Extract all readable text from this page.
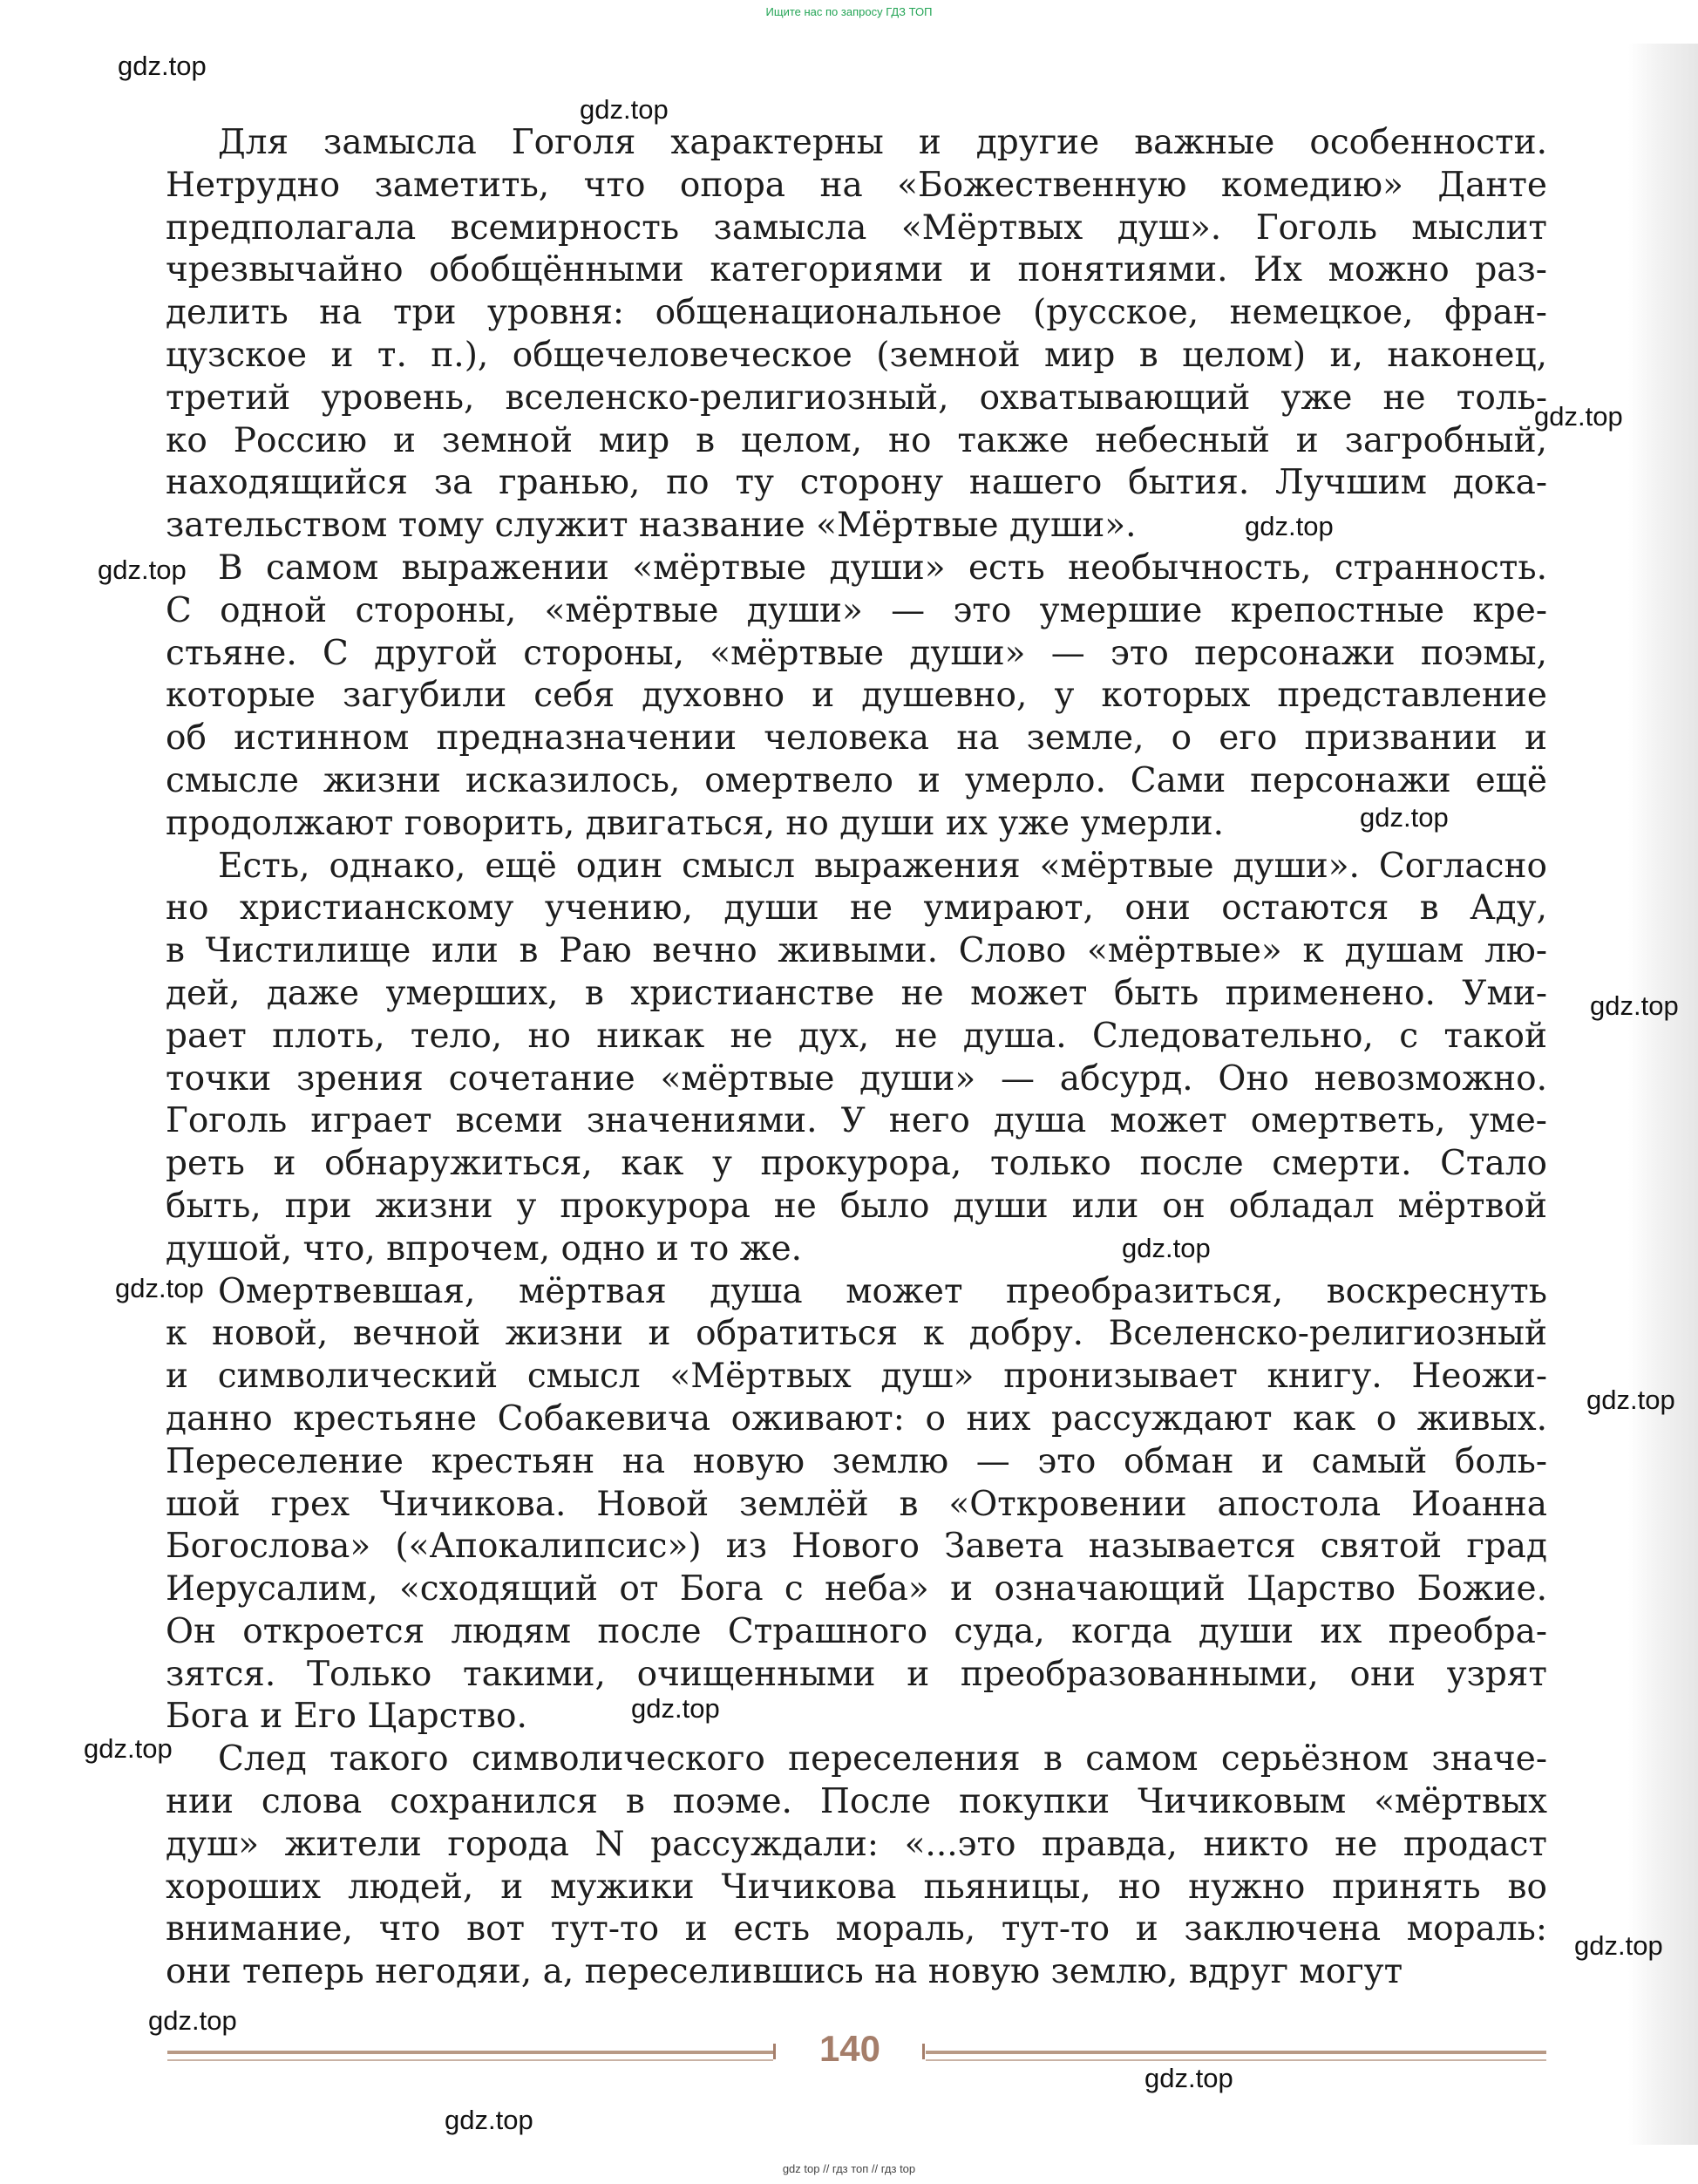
Ищите нас по запросу ГДЗ ТОП
Для замысла Гоголя характерны и другие важные особенности.
Нетрудно заметить, что опора на «Божественную комедию» Данте
предполагала всемирность замысла «Мёртвых душ». Гоголь мыслит
чрезвычайно обобщёнными категориями и понятиями. Их можно раз-
делить на три уровня: общенациональное (русское, немецкое, фран-
цузское и т. п.), общечеловеческое (земной мир в целом) и, наконец,
третий уровень, вселенско-религиозный, охватывающий уже не толь-
ко Россию и земной мир в целом, но также небесный и загробный,
находящийся за гранью, по ту сторону нашего бытия. Лучшим дока-
зательством тому служит название «Мёртвые души».
В самом выражении «мёртвые души» есть необычность, странность.
С одной стороны, «мёртвые души» — это умершие крепостные кре-
стьяне. С другой стороны, «мёртвые души» — это персонажи поэмы,
которые загубили себя духовно и душевно, у которых представление
об истинном предназначении человека на земле, о его призвании и
смысле жизни исказилось, омертвело и умерло. Сами персонажи ещё
продолжают говорить, двигаться, но души их уже умерли.
Есть, однако, ещё один смысл выражения «мёртвые души». Согласно
но христианскому учению, души не умирают, они остаются в Аду,
в Чистилище или в Раю вечно живыми. Слово «мёртвые» к душам лю-
дей, даже умерших, в христианстве не может быть применено. Уми-
рает плоть, тело, но никак не дух, не душа. Следовательно, с такой
точки зрения сочетание «мёртвые души» — абсурд. Оно невозможно.
Гоголь играет всеми значениями. У него душа может омертветь, уме-
реть и обнаружиться, как у прокурора, только после смерти. Стало
быть, при жизни у прокурора не было души или он обладал мёртвой
душой, что, впрочем, одно и то же.
Омертвевшая, мёртвая душа может преобразиться, воскреснуть
к новой, вечной жизни и обратиться к добру. Вселенско-религиозный
и символический смысл «Мёртвых душ» пронизывает книгу. Неожи-
данно крестьяне Собакевича оживают: о них рассуждают как о живых.
Переселение крестьян на новую землю — это обман и самый боль-
шой грех Чичикова. Новой землёй в «Откровении апостола Иоанна
Богослова» («Апокалипсис») из Нового Завета называется святой град
Иерусалим, «сходящий от Бога с неба» и означающий Царство Божие.
Он откроется людям после Страшного суда, когда души их преобра-
зятся. Только такими, очищенными и преобразованными, они узрят
Бога и Его Царство.
След такого символического переселения в самом серьёзном значе-
нии слова сохранился в поэме. После покупки Чичиковым «мёртвых
душ» жители города N рассуждали: «...это правда, никто не продаст
хороших людей, и мужики Чичикова пьяницы, но нужно принять во
внимание, что вот тут-то и есть мораль, тут-то и заключена мораль:
они теперь негодяи, а, переселившись на новую землю, вдруг могут
gdz.top
gdz.top
gdz.top
gdz.top
gdz.top
gdz.top
gdz.top
gdz.top
gdz.top
gdz.top
gdz.top
gdz.top
gdz.top
gdz.top
gdz.top
gdz.top
140
gdz top // гдз топ // гдз top
